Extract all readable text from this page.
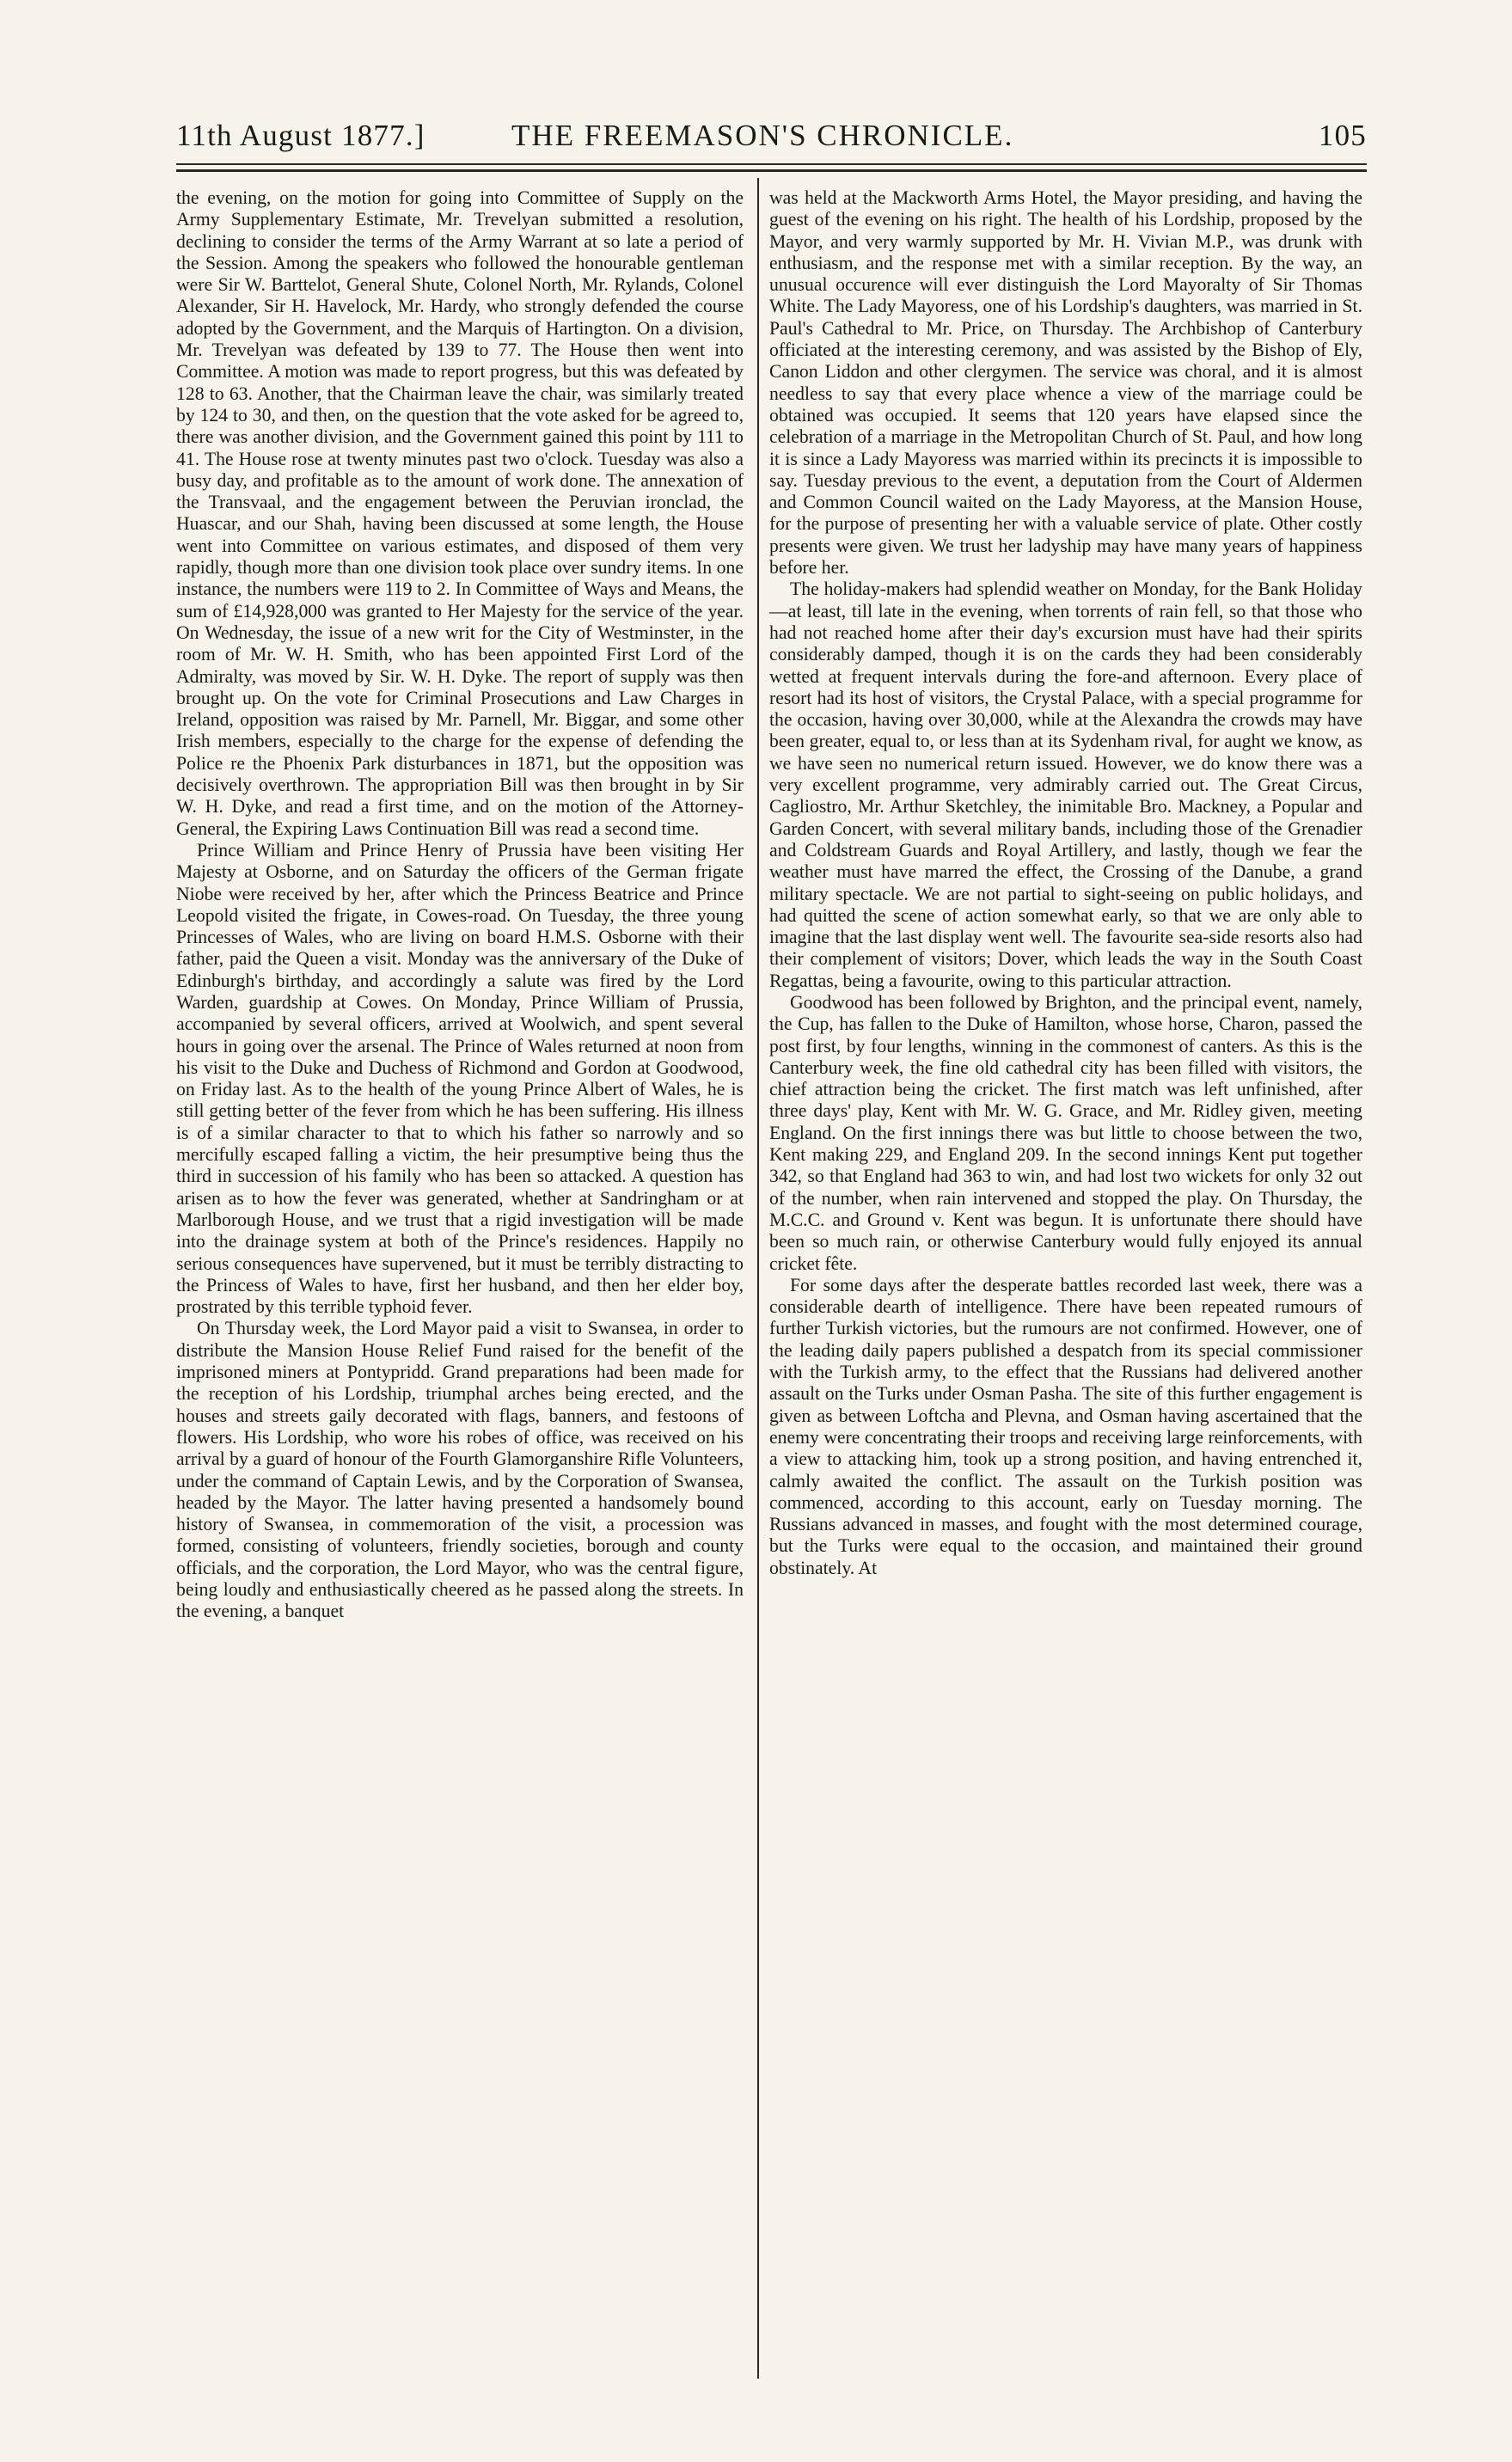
11th August 1877.]	THE FREEMASON'S CHRONICLE.	105

the evening, on the motion for going into Committee of Supply on the Army Supplementary Estimate, Mr. Trevelyan submitted a resolution, declining to consider the terms of the Army Warrant at so late a period of the Session. Among the speakers who followed the honourable gentleman were Sir W. Barttelot, General Shute, Colonel North, Mr. Rylands, Colonel Alexander, Sir H. Havelock, Mr. Hardy, who strongly defended the course adopted by the Government, and the Marquis of Hartington. On a division, Mr. Trevelyan was defeated by 139 to 77. The House then went into Committee. A motion was made to report progress, but this was defeated by 128 to 63. Another, that the Chairman leave the chair, was similarly treated by 124 to 30, and then, on the question that the vote asked for be agreed to, there was another division, and the Government gained this point by 111 to 41. The House rose at twenty minutes past two o'clock. Tuesday was also a busy day, and profitable as to the amount of work done. The annexation of the Transvaal, and the engagement between the Peruvian ironclad, the Huascar, and our Shah, having been discussed at some length, the House went into Committee on various estimates, and disposed of them very rapidly, though more than one division took place over sundry items. In one instance, the numbers were 119 to 2. In Committee of Ways and Means, the sum of £14,928,000 was granted to Her Majesty for the service of the year. On Wednesday, the issue of a new writ for the City of Westminster, in the room of Mr. W. H. Smith, who has been appointed First Lord of the Admiralty, was moved by Sir. W. H. Dyke. The report of supply was then brought up. On the vote for Criminal Prosecutions and Law Charges in Ireland, opposition was raised by Mr. Parnell, Mr. Biggar, and some other Irish members, especially to the charge for the expense of defending the Police re the Phoenix Park disturbances in 1871, but the opposition was decisively overthrown. The appropriation Bill was then brought in by Sir W. H. Dyke, and read a first time, and on the motion of the Attorney-General, the Expiring Laws Continuation Bill was read a second time.

Prince William and Prince Henry of Prussia have been visiting Her Majesty at Osborne, and on Saturday the officers of the German frigate Niobe were received by her, after which the Princess Beatrice and Prince Leopold visited the frigate, in Cowes-road. On Tuesday, the three young Princesses of Wales, who are living on board H.M.S. Osborne with their father, paid the Queen a visit. Monday was the anniversary of the Duke of Edinburgh's birthday, and accordingly a salute was fired by the Lord Warden, guardship at Cowes. On Monday, Prince William of Prussia, accompanied by several officers, arrived at Woolwich, and spent several hours in going over the arsenal. The Prince of Wales returned at noon from his visit to the Duke and Duchess of Richmond and Gordon at Goodwood, on Friday last. As to the health of the young Prince Albert of Wales, he is still getting better of the fever from which he has been suffering. His illness is of a similar character to that to which his father so narrowly and so mercifully escaped falling a victim, the heir presumptive being thus the third in succession of his family who has been so attacked. A question has arisen as to how the fever was generated, whether at Sandringham or at Marlborough House, and we trust that a rigid investigation will be made into the drainage system at both of the Prince's residences. Happily no serious consequences have supervened, but it must be terribly distracting to the Princess of Wales to have, first her husband, and then her elder boy, prostrated by this terrible typhoid fever.

On Thursday week, the Lord Mayor paid a visit to Swansea, in order to distribute the Mansion House Relief Fund raised for the benefit of the imprisoned miners at Pontypridd. Grand preparations had been made for the reception of his Lordship, triumphal arches being erected, and the houses and streets gaily decorated with flags, banners, and festoons of flowers. His Lordship, who wore his robes of office, was received on his arrival by a guard of honour of the Fourth Glamorganshire Rifle Volunteers, under the command of Captain Lewis, and by the Corporation of Swansea, headed by the Mayor. The latter having presented a handsomely bound history of Swansea, in commemoration of the visit, a procession was formed, consisting of volunteers, friendly societies, borough and county officials, and the corporation, the Lord Mayor, who was the central figure, being loudly and enthusiastically cheered as he passed along the streets. In the evening, a banquet

was held at the Mackworth Arms Hotel, the Mayor presiding, and having the guest of the evening on his right. The health of his Lordship, proposed by the Mayor, and very warmly supported by Mr. H. Vivian M.P., was drunk with enthusiasm, and the response met with a similar reception. By the way, an unusual occurence will ever distinguish the Lord Mayoralty of Sir Thomas White. The Lady Mayoress, one of his Lordship's daughters, was married in St. Paul's Cathedral to Mr. Price, on Thursday. The Archbishop of Canterbury officiated at the interesting ceremony, and was assisted by the Bishop of Ely, Canon Liddon and other clergymen. The service was choral, and it is almost needless to say that every place whence a view of the marriage could be obtained was occupied. It seems that 120 years have elapsed since the celebration of a marriage in the Metropolitan Church of St. Paul, and how long it is since a Lady Mayoress was married within its precincts it is impossible to say. Tuesday previous to the event, a deputation from the Court of Aldermen and Common Council waited on the Lady Mayoress, at the Mansion House, for the purpose of presenting her with a valuable service of plate. Other costly presents were given. We trust her ladyship may have many years of happiness before her.

The holiday-makers had splendid weather on Monday, for the Bank Holiday—at least, till late in the evening, when torrents of rain fell, so that those who had not reached home after their day's excursion must have had their spirits considerably damped, though it is on the cards they had been considerably wetted at frequent intervals during the fore-and afternoon. Every place of resort had its host of visitors, the Crystal Palace, with a special programme for the occasion, having over 30,000, while at the Alexandra the crowds may have been greater, equal to, or less than at its Sydenham rival, for aught we know, as we have seen no numerical return issued. However, we do know there was a very excellent programme, very admirably carried out. The Great Circus, Cagliostro, Mr. Arthur Sketchley, the inimitable Bro. Mackney, a Popular and Garden Concert, with several military bands, including those of the Grenadier and Coldstream Guards and Royal Artillery, and lastly, though we fear the weather must have marred the effect, the Crossing of the Danube, a grand military spectacle. We are not partial to sight-seeing on public holidays, and had quitted the scene of action somewhat early, so that we are only able to imagine that the last display went well. The favourite sea-side resorts also had their complement of visitors; Dover, which leads the way in the South Coast Regattas, being a favourite, owing to this particular attraction.

Goodwood has been followed by Brighton, and the principal event, namely, the Cup, has fallen to the Duke of Hamilton, whose horse, Charon, passed the post first, by four lengths, winning in the commonest of canters. As this is the Canterbury week, the fine old cathedral city has been filled with visitors, the chief attraction being the cricket. The first match was left unfinished, after three days' play, Kent with Mr. W. G. Grace, and Mr. Ridley given, meeting England. On the first innings there was but little to choose between the two, Kent making 229, and England 209. In the second innings Kent put together 342, so that England had 363 to win, and had lost two wickets for only 32 out of the number, when rain intervened and stopped the play. On Thursday, the M.C.C. and Ground v. Kent was begun. It is unfortunate there should have been so much rain, or otherwise Canterbury would fully enjoyed its annual cricket fête.

For some days after the desperate battles recorded last week, there was a considerable dearth of intelligence. There have been repeated rumours of further Turkish victories, but the rumours are not confirmed. However, one of the leading daily papers published a despatch from its special commissioner with the Turkish army, to the effect that the Russians had delivered another assault on the Turks under Osman Pasha. The site of this further engagement is given as between Loftcha and Plevna, and Osman having ascertained that the enemy were concentrating their troops and receiving large reinforcements, with a view to attacking him, took up a strong position, and having entrenched it, calmly awaited the conflict. The assault on the Turkish position was commenced, according to this account, early on Tuesday morning. The Russians advanced in masses, and fought with the most determined courage, but the Turks were equal to the occasion, and maintained their ground obstinately. At
